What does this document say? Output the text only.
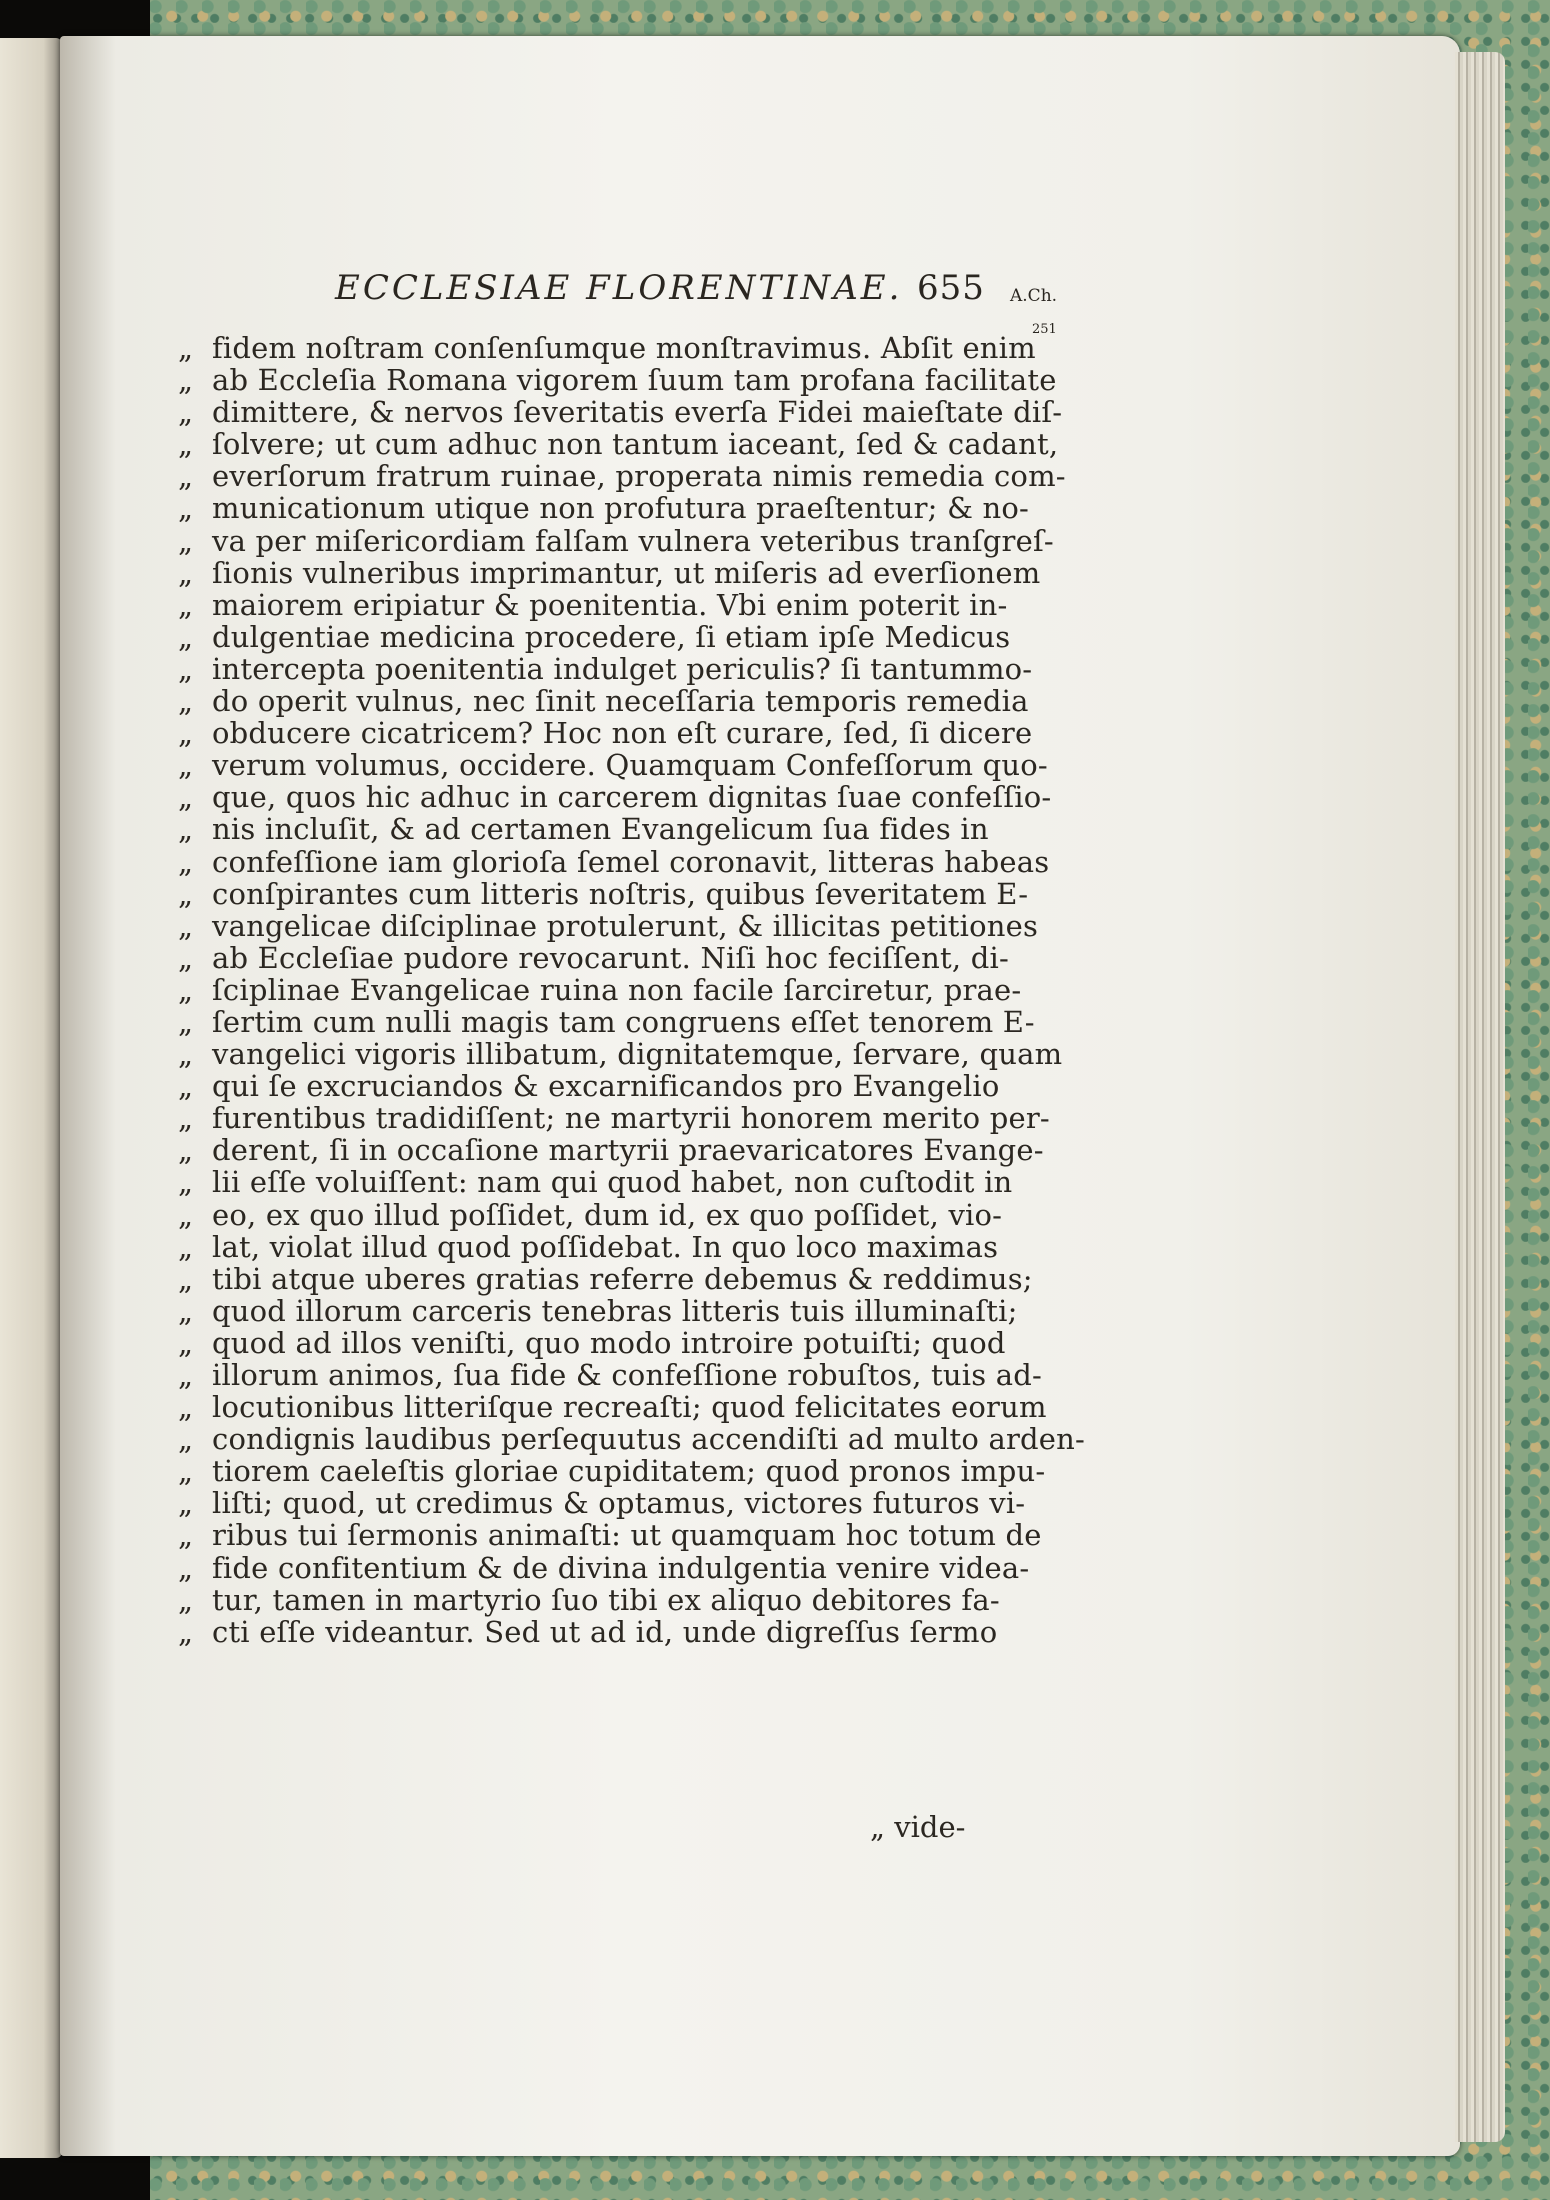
ECCLESIAE FLORENTINAE. 655 A.Ch.
251
„ fidem noſtram conſenſumque monſtravimus. Abſit enim
„ ab Eccleſia Romana vigorem ſuum tam profana facilitate
„ dimittere, & nervos ſeveritatis everſa Fidei maieſtate diſ-
„ ſolvere; ut cum adhuc non tantum iaceant, ſed & cadant,
„ everſorum fratrum ruinae, properata nimis remedia com-
„ municationum utique non profutura praeſtentur; & no-
„ va per miſericordiam falſam vulnera veteribus tranſgreſ-
„ ſionis vulneribus imprimantur, ut miſeris ad everſionem
„ maiorem eripiatur & poenitentia. Vbi enim poterit in-
„ dulgentiae medicina procedere, ſi etiam ipſe Medicus
„ intercepta poenitentia indulget periculis? ſi tantummo-
„ do operit vulnus, nec ſinit neceſſaria temporis remedia
„ obducere cicatricem? Hoc non eſt curare, ſed, ſi dicere
„ verum volumus, occidere. Quamquam Confeſſorum quo-
„ que, quos hic adhuc in carcerem dignitas ſuae confeſſio-
„ nis incluſit, & ad certamen Evangelicum ſua fides in
„ confeſſione iam glorioſa ſemel coronavit, litteras habeas
„ conſpirantes cum litteris noſtris, quibus ſeveritatem E-
„ vangelicae diſciplinae protulerunt, & illicitas petitiones
„ ab Eccleſiae pudore revocarunt. Niſi hoc feciſſent, di-
„ ſciplinae Evangelicae ruina non facile ſarciretur, prae-
„ ſertim cum nulli magis tam congruens eſſet tenorem E-
„ vangelici vigoris illibatum, dignitatemque, ſervare, quam
„ qui ſe excruciandos & excarnificandos pro Evangelio
„ furentibus tradidiſſent; ne martyrii honorem merito per-
„ derent, ſi in occaſione martyrii praevaricatores Evange-
„ lii eſſe voluiſſent: nam qui quod habet, non cuſtodit in
„ eo, ex quo illud poſſidet, dum id, ex quo poſſidet, vio-
„ lat, violat illud quod poſſidebat. In quo loco maximas
„ tibi atque uberes gratias referre debemus & reddimus;
„ quod illorum carceris tenebras litteris tuis illuminaſti;
„ quod ad illos veniſti, quo modo introire potuiſti; quod
„ illorum animos, ſua fide & confeſſione robuſtos, tuis ad-
„ locutionibus litteriſque recreaſti; quod felicitates eorum
„ condignis laudibus perſequutus accendiſti ad multo arden-
„ tiorem caeleſtis gloriae cupiditatem; quod pronos impu-
„ liſti; quod, ut credimus & optamus, victores futuros vi-
„ ribus tui ſermonis animaſti: ut quamquam hoc totum de
„ fide confitentium & de divina indulgentia venire videa-
„ tur, tamen in martyrio ſuo tibi ex aliquo debitores fa-
„ cti eſſe videantur. Sed ut ad id, unde digreſſus ſermo
„ vide-
